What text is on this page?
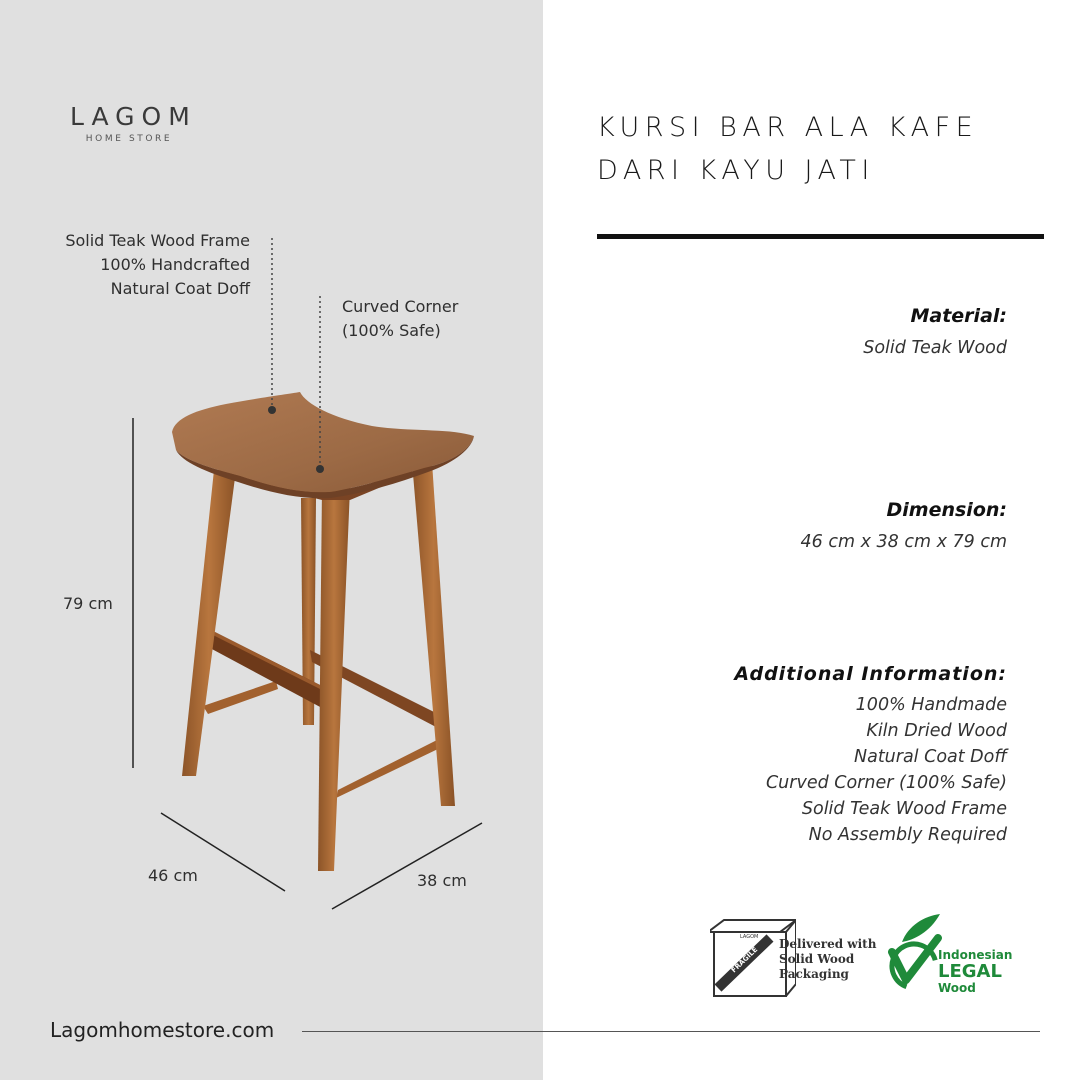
LAGOM
HOME STORE
Solid Teak Wood Frame
100% Handcrafted
Natural Coat Doff
Curved Corner
(100% Safe)
79 cm
46 cm	38 cm
KURSI BAR ALA KAFE
DARI KAYU JATI
Material:
Solid Teak Wood
Dimension:
46 cm x 38 cm x 79 cm
Additional Information:
100% Handmade
Kiln Dried Wood
Natural Coat Doff
Curved Corner (100% Safe)
Solid Teak Wood Frame
No Assembly Required
FRAGILE
LAGOM Delivered with
Solid Wood
Packaging
Indonesian
LEGAL
Wood
Lagomhomestore.com
